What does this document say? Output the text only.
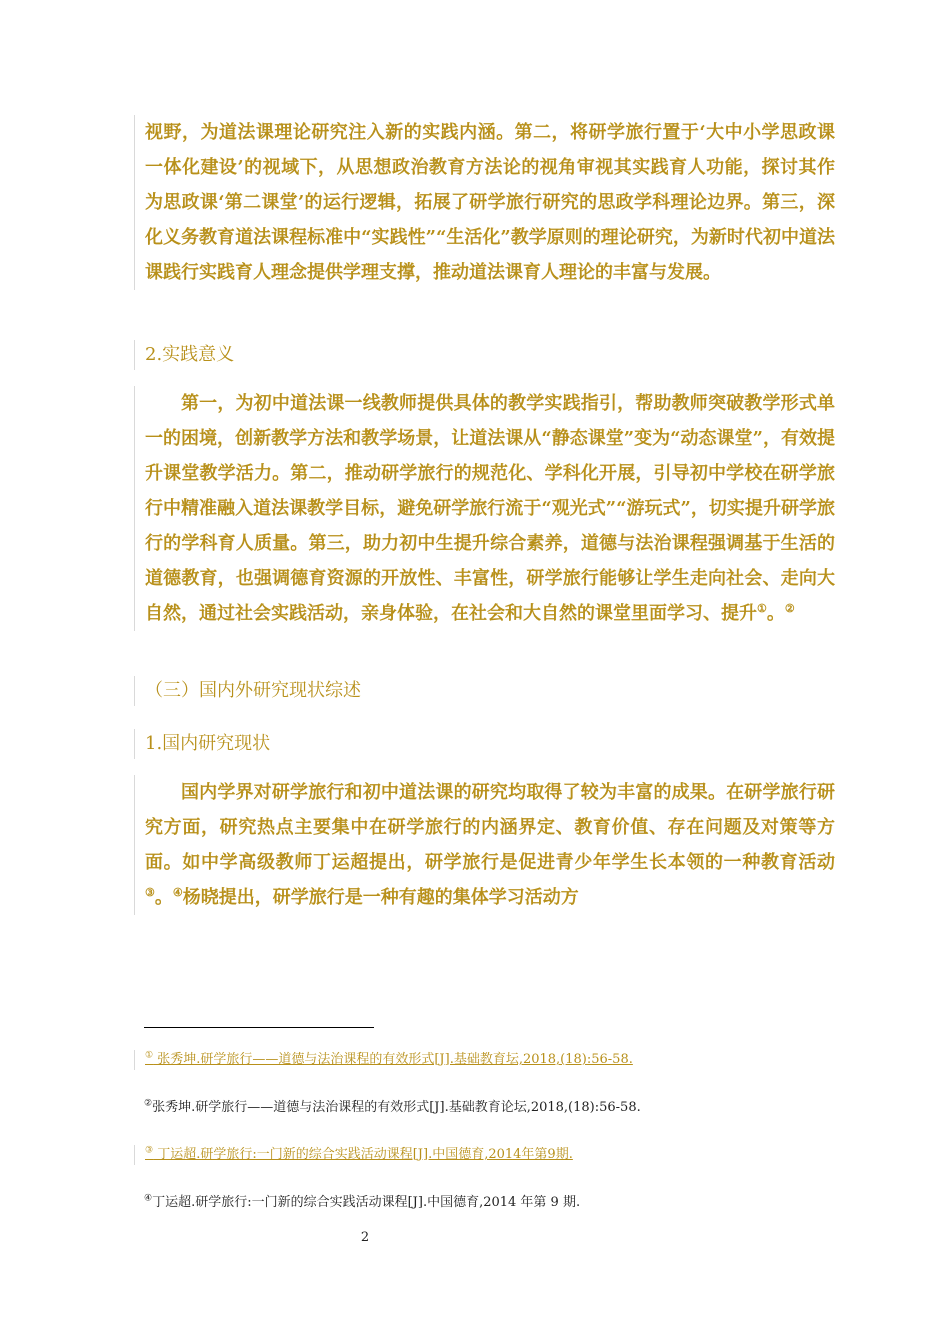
视野，为道法课理论研究注入新的实践内涵。第二，将研学旅行置于‘大中小学思政课一体化建设’的视域下，从思想政治教育方法论的视角审视其实践育人功能，探讨其作为思政课‘第二课堂’的运行逻辑，拓展了研学旅行研究的思政学科理论边界。第三，深化义务教育道法课程标准中“实践性”“生活化”教学原则的理论研究，为新时代初中道法课践行实践育人理念提供学理支撑，推动道法课育人理论的丰富与发展。

2.实践意义

第一，为初中道法课一线教师提供具体的教学实践指引，帮助教师突破教学形式单一的困境，创新教学方法和教学场景，让道法课从“静态课堂”变为“动态课堂”，有效提升课堂教学活力。第二，推动研学旅行的规范化、学科化开展，引导初中学校在研学旅行中精准融入道法课教学目标，避免研学旅行流于“观光式”“游玩式”，切实提升研学旅行的学科育人质量。第三，助力初中生提升综合素养，道德与法治课程强调基于生活的道德教育，也强调德育资源的开放性、丰富性，研学旅行能够让学生走向社会、走向大自然，通过社会实践活动，亲身体验，在社会和大自然的课堂里面学习、提升①。②

（三）国内外研究现状综述
1.国内研究现状

国内学界对研学旅行和初中道法课的研究均取得了较为丰富的成果。在研学旅行研究方面，研究热点主要集中在研学旅行的内涵界定、教育价值、存在问题及对策等方面。如中学高级教师丁运超提出，研学旅行是促进青少年学生长本领的一种教育活动③。④杨晓提出，研学旅行是一种有趣的集体学习活动方

① 张秀坤.研学旅行——道德与法治课程的有效形式[J].基础教育坛,2018,(18):56-58.
②张秀坤.研学旅行——道德与法治课程的有效形式[J].基础教育论坛,2018,(18):56-58.
③ 丁运超.研学旅行:一门新的综合实践活动课程[J].中国德育,2014年第9期.
④丁运超.研学旅行:一门新的综合实践活动课程[J].中国德育,2014 年第 9 期.
2
